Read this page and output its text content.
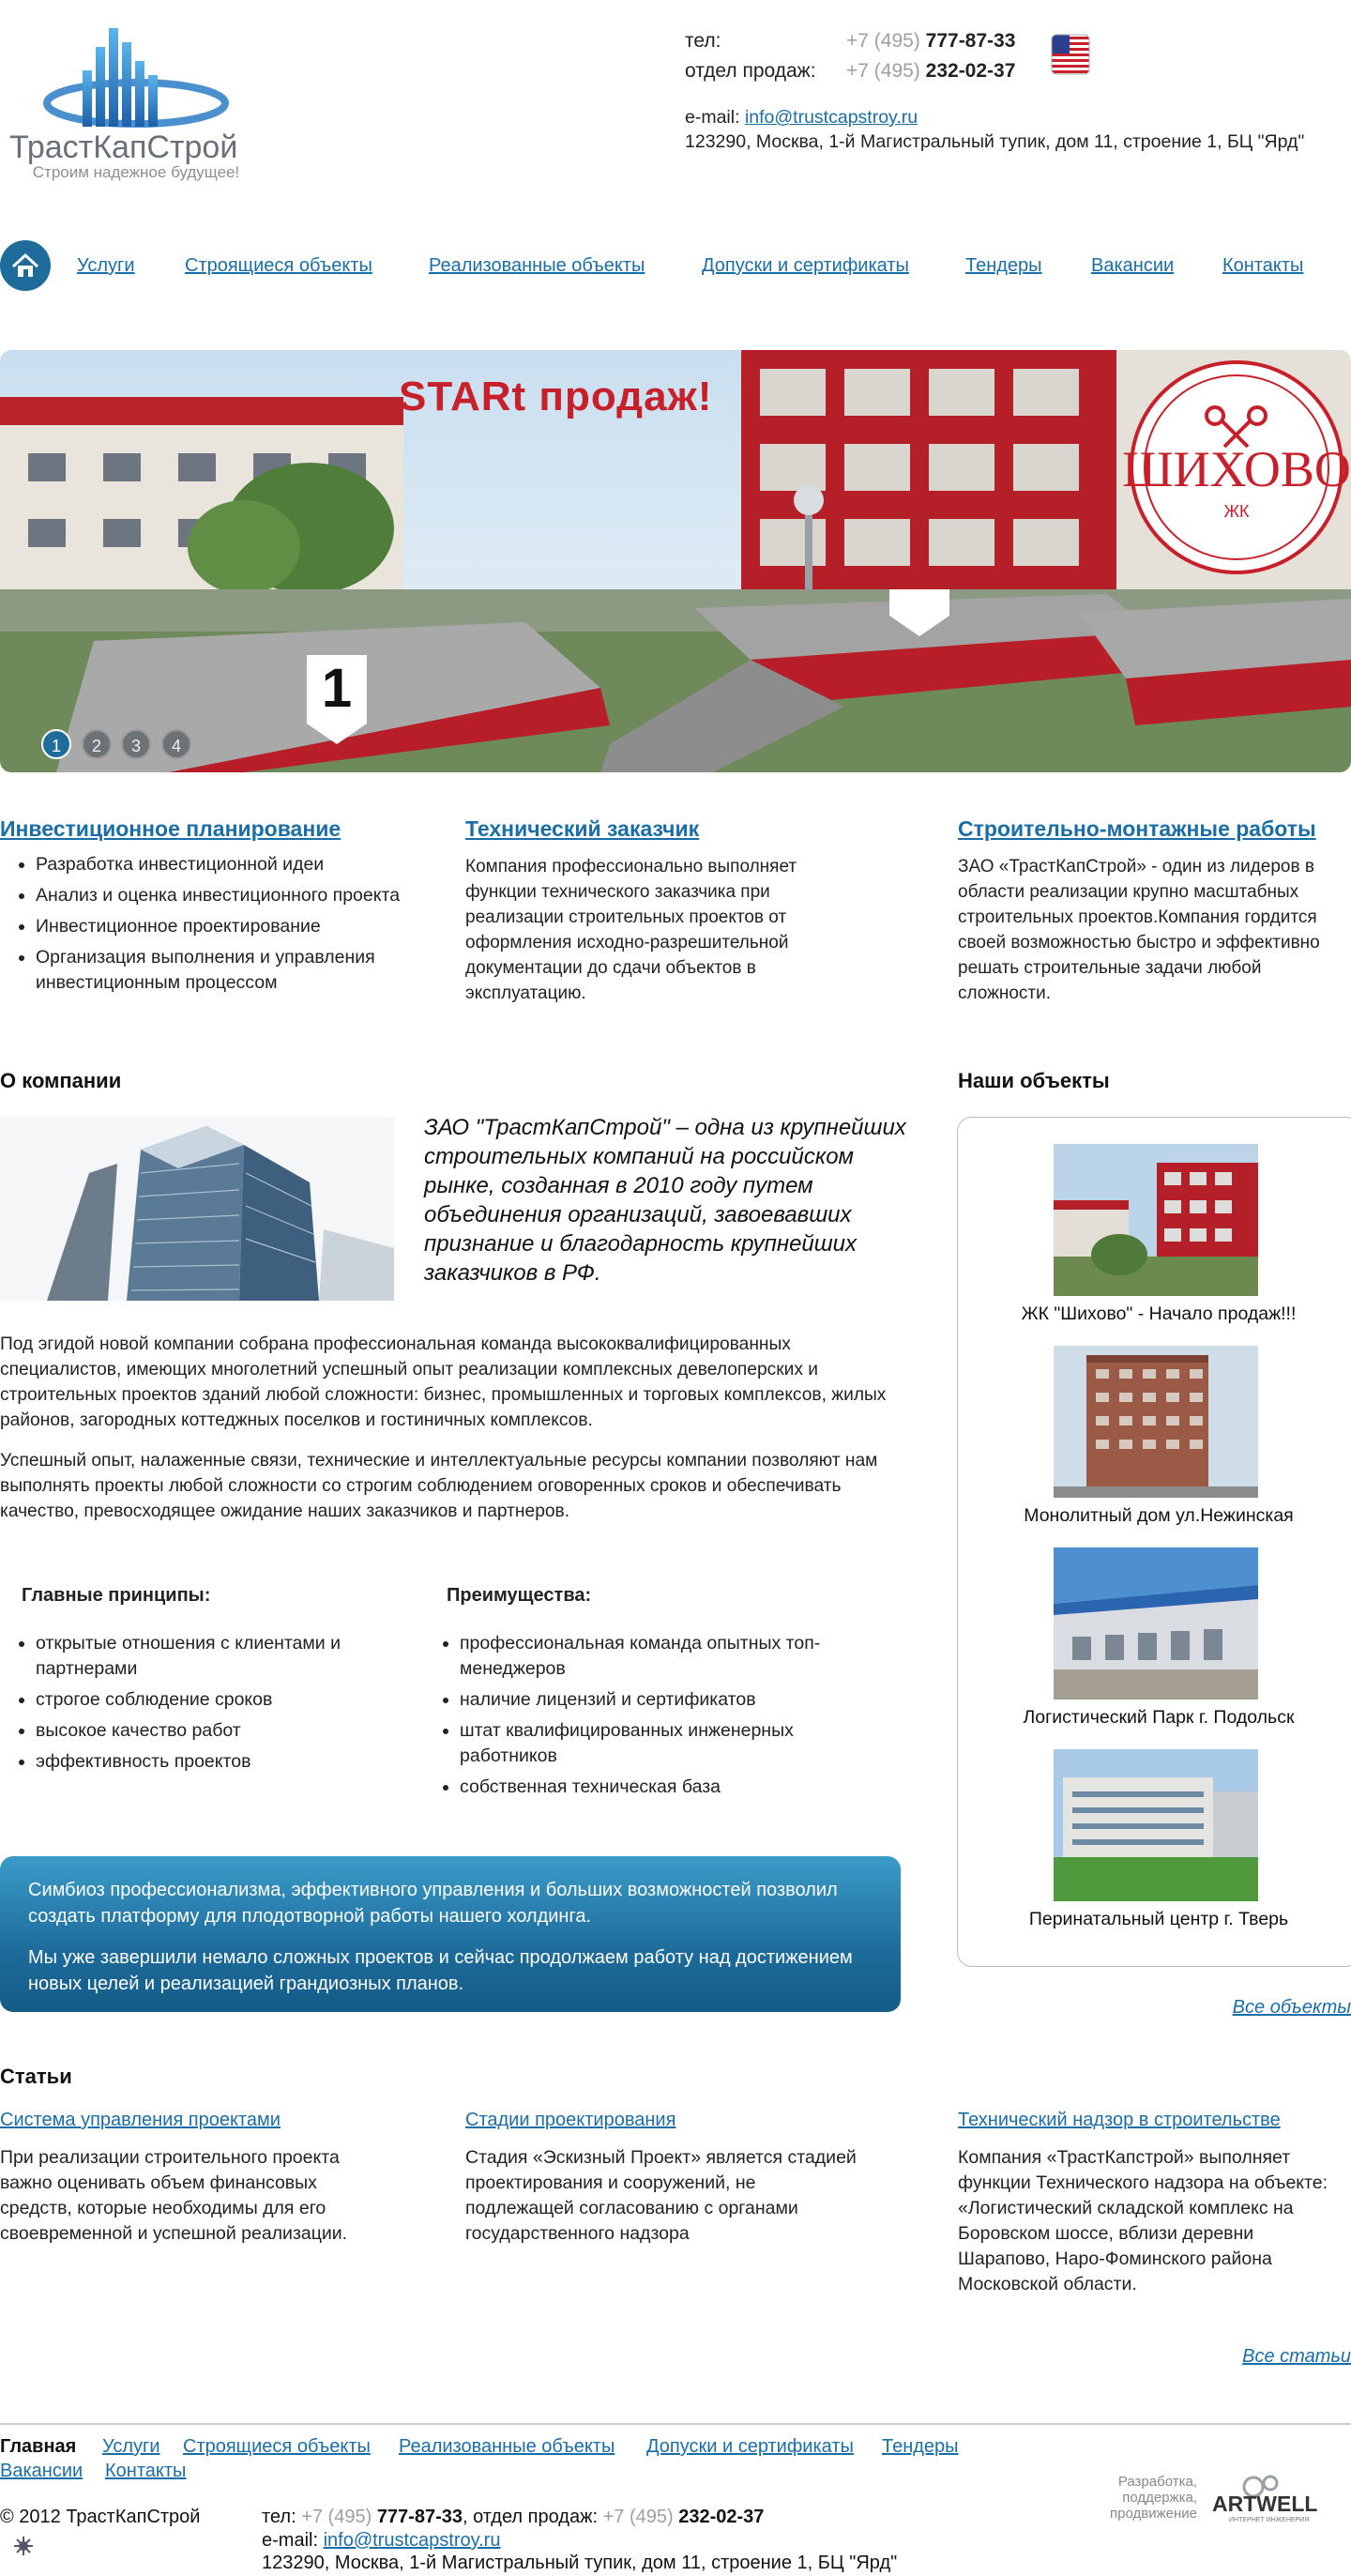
ТрастКапСтрой
Строим надежное будущее!
тел:	+7 (495) 777-87-33
отдел продаж: +7 (495) 232-02-37
e-mail: info@trustcapstroy.ru
123290, Москва, 1-й Магистральный тупик, дом 11, строение 1, БЦ "Ярд"
Услуги	Строящиеся объекты	Реализованные объекты	Допуски и сертификаты	Тендеры	Вакансии	Контакты
ШИХОВО
ЖК
1
STARt продаж!
1	2	3	4
Инвестиционное планирование
• Разработка инвестиционной идеи
• Анализ и оценка инвестиционного проекта
• Инвестиционное проектирование
• Организация выполнения и управления инвестиционным процессом
Технический заказчик
Компания профессионально выполняет функции технического заказчика при реализации строительных проектов от оформления исходно-разрешительной документации до сдачи объектов в эксплуатацию.
Строительно-монтажные работы
ЗАО «ТрастКапСтрой» - один из лидеров в области реализации крупно масштабных строительных проектов.Компания гордится своей возможностью быстро и эффективно решать строительные задачи любой сложности.
О компании
ЗАО "ТрастКапСтрой" – одна из крупнейших строительных компаний на российском рынке, созданная в 2010 году путем объединения организаций, завоевавших признание и благодарность крупнейших заказчиков в РФ.
Под эгидой новой компании собрана профессиональная команда высококвалифицированных специалистов, имеющих многолетний успешный опыт реализации комплексных девелоперских и строительных проектов зданий любой сложности: бизнес, промышленных и торговых комплексов, жилых районов, загородных коттеджных поселков и гостиничных комплексов.
Успешный опыт, налаженные связи, технические и интеллектуальные ресурсы компании позволяют нам выполнять проекты любой сложности со строгим соблюдением оговоренных сроков и обеспечивать качество, превосходящее ожидание наших заказчиков и партнеров.
Главные принципы:
• открытые отношения с клиентами и партнерами
• строгое соблюдение сроков
• высокое качество работ
• эффективность проектов
Преимущества:
• профессиональная команда опытных топ-менеджеров
• наличие лицензий и сертификатов
• штат квалифицированных инженерных работников
• собственная техническая база

Симбиоз профессионализма, эффективного управления и больших возможностей позволил создать платформу для плодотворной работы нашего холдинга.

Мы уже завершили немало сложных проектов и сейчас продолжаем работу над достижением новых целей и реализацией грандиозных планов.

Наши объекты
ЖК "Шихово" - Начало продаж!!!
Монолитный дом ул.Нежинская
Логистический Парк г. Подольск
Перинатальный центр г. Тверь
Все объекты
Статьи
Система управления проектами
При реализации строительного проекта важно оценивать объем финансовых средств, которые необходимы для его своевременной и успешной реализации.
Стадии проектирования
Стадия «Эскизный Проект» является стадией проектирования и сооружений, не подлежащей согласованию с органами государственного надзора
Технический надзор в строительстве
Компания «ТрастКапстрой» выполняет функции Технического надзора на объекте: «Логистический складской комплекс на Боровском шоссе, вблизи деревни Шарапово, Наро-Фоминского района Московской области.
Все статьи
Главная Услуги Строящиеся объекты Реализованные объекты Допуски и сертификаты Тендеры
Вакансии Контакты
© 2012 ТрастКапСтрой	тел: +7 (495) 777-87-33, отдел продаж: +7 (495) 232-02-37
e-mail: info@trustcapstroy.ru
123290, Москва, 1-й Магистральный тупик, дом 11, строение 1, БЦ "Ярд"
Разработка,
поддержка,
продвижение ARTWELL
ИНТЕРНЕТ ИНЖЕНЕРИЯ
